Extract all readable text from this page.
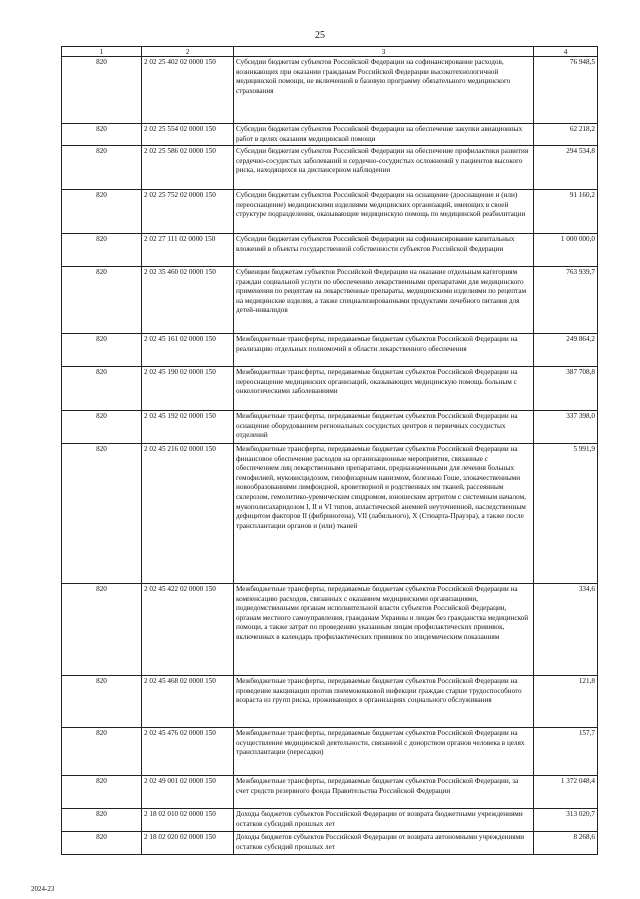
25
1	2	3	4
820	2 02 25 402 02 0000 150	Субсидии бюджетам субъектов Российской Федерации на софинансирование расходов, возникающих при оказании гражданам Российской Федерации высокотехнологичной медицинской помощи, не включенной в базовую программу обязательного медицинского страхования	76 948,5
820	2 02 25 554 02 0000 150	Субсидии бюджетам субъектов Российской Федерации на обеспечение закупки авиационных работ в целях оказания медицинской помощи	62 218,2
820	2 02 25 586 02 0000 150	Субсидии бюджетам субъектов Российской Федерации на обеспечение профилактики развития сердечно-сосудистых заболеваний и сердечно-сосудистых осложнений у пациентов высокого риска, находящихся на диспансерном наблюдении	294 534,8
820	2 02 25 752 02 0000 150	Субсидии бюджетам субъектов Российской Федерации на оснащение (дооснащение и (или) переоснащение) медицинскими изделиями медицинских организаций, имеющих в своей структуре подразделения, оказывающие медицинскую помощь по медицинской реабилитации	91 160,2
820	2 02 27 111 02 0000 150	Субсидии бюджетам субъектов Российской Федерации на софинансирование капитальных вложений в объекты государственной собственности субъектов Российской Федерации	1 000 000,0
820	2 02 35 460 02 0000 150	Субвенции бюджетам субъектов Российской Федерации на оказание отдельным категориям граждан социальной услуги по обеспечению лекарственными препаратами для медицинского применения по рецептам на лекарственные препараты, медицинскими изделиями по рецептам на медицинские изделия, а также специализированными продуктами лечебного питания для детей-инвалидов	763 939,7
820	2 02 45 161 02 0000 150	Межбюджетные трансферты, передаваемые бюджетам субъектов Российской Федерации на реализацию отдельных полномочий в области лекарственного обеспечения	249 864,2
820	2 02 45 190 02 0000 150	Межбюджетные трансферты, передаваемые бюджетам субъектов Российской Федерации на переоснащение медицинских организаций, оказывающих медицинскую помощь больным с онкологическими заболеваниями	387 708,8
820	2 02 45 192 02 0000 150	Межбюджетные трансферты, передаваемые бюджетам субъектов Российской Федерации на оснащение оборудованием региональных сосудистых центров и первичных сосудистых отделений	337 398,0
820	2 02 45 216 02 0000 150	Межбюджетные трансферты, передаваемые бюджетам субъектов Российской Федерации на финансовое обеспечение расходов на организационные мероприятия, связанные с обеспечением лиц лекарственными препаратами, предназначенными для лечения больных гемофилией, муковисцидозом, гипофизарным нанизмом, болезнью Гоше, злокачественными новообразованиями лимфоидной, кроветворной и родственных им тканей, рассеянным склерозом, гемолитико-уремическим синдромом, юношеским артритом с системным началом, мукополисахаридозом I, II и VI типов, апластической анемией неуточненной, наследственным дефицитом факторов II (фибриногена), VII (лабильного), X (Стюарта-Прауэра), а также после трансплантации органов и (или) тканей	5 991,9
820	2 02 45 422 02 0000 150	Межбюджетные трансферты, передаваемые бюджетам субъектов Российской Федерации на компенсацию расходов, связанных с оказанием медицинскими организациями, подведомственными органам исполнительной власти субъектов Российской Федерации, органам местного самоуправления, гражданам Украины и лицам без гражданства медицинской помощи, а также затрат по проведению указанным лицам профилактических прививок, включенных в календарь профилактических прививок по эпидемическим показаниям	334,6
820	2 02 45 468 02 0000 150	Межбюджетные трансферты, передаваемые бюджетам субъектов Российской Федерации на проведение вакцинации против пневмококковой инфекции граждан старше трудоспособного возраста из групп риска, проживающих в организациях социального обслуживания	121,8
820	2 02 45 476 02 0000 150	Межбюджетные трансферты, передаваемые бюджетам субъектов Российской Федерации на осуществление медицинской деятельности, связанной с донорством органов человека в целях трансплантации (пересадки)	157,7
820	2 02 49 001 02 0000 150	Межбюджетные трансферты, передаваемые бюджетам субъектов Российской Федерации, за счет средств резервного фонда Правительства Российской Федерации	1 372 048,4
820	2 18 02 010 02 0000 150	Доходы бюджетов субъектов Российской Федерации от возврата бюджетными учреждениями остатков субсидий прошлых лет	313 020,7
820	2 18 02 020 02 0000 150	Доходы бюджетов субъектов Российской Федерации от возврата автономными учреждениями остатков субсидий прошлых лет	8 268,6
2024-23
